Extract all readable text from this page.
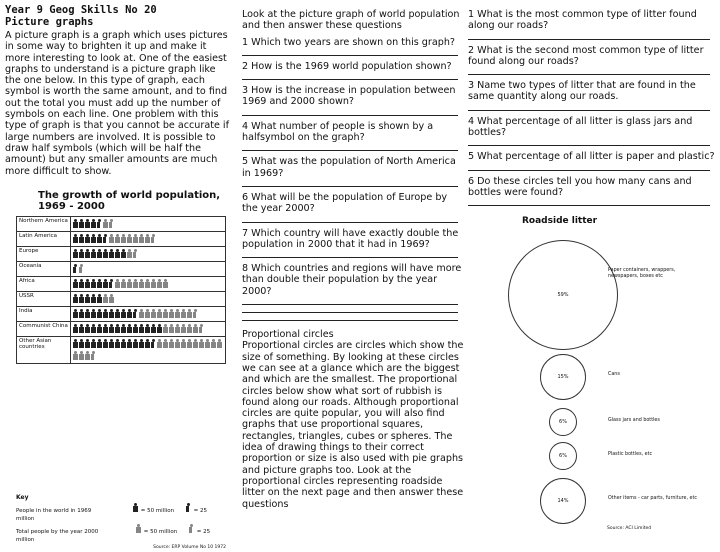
Year 9 Geog Skills No 20
Picture graphs
A picture graph is a graph which uses pictures in some way to brighten it up and make it more interesting to look at. One of the easiest graphs to understand is a picture graph like the one below. In this type of graph, each symbol is worth the same amount, and to find out the total you must add up the number of symbols on each line. One problem with this type of graph is that you cannot be accurate if large numbers are involved. It is possible to draw half symbols (which will be half the amount) but any smaller amounts are much more difficult to show.
The growth of world population,
1969 - 2000
Northern America	
Latin America	
Europe	
Oceania	
Africa	
USSR	
India	
Communist China	
Other Asian countries	
Key
People in the world in 1969	= 50 million	= 25 million
Total people by the year 2000	= 50 million	= 25 million
Source: ERP Volume No 10 1972
Look at the picture graph of world population and then answer these questions
1 Which two years are shown on this graph?
2 How is the 1969 world population shown?
3 How is the increase in population between 1969 and 2000 shown?
4 What number of people is shown by a halfsymbol on the graph?
5 What was the population of North America in 1969?
6 What will be the population of Europe by the year 2000?
7 Which country will have exactly double the population in 2000 that it had in 1969?
8 Which countries and regions will have more than double their population by the year 2000?
Proportional circles
Proportional circles are circles which show the size of something. By looking at these circles we can see at a glance which are the biggest and which are the smallest. The proportional circles below show what sort of rubbish is found along our roads. Although proportional circles are quite popular, you will also find graphs that use proportional squares, rectangles, triangles, cubes or spheres. The idea of drawing things to their correct proportion or size is also used with pie graphs and picture graphs too. Look at the proportional circles representing roadside litter on the next page and then answer these questions
1 What is the most common type of litter found along our roads?
2 What is the second most common type of litter found along our roads?
3 Name two types of litter that are found in the same quantity along our roads.
4 What percentage of all litter is glass jars and bottles?
5 What percentage of all litter is paper and plastic?
6 Do these circles tell you how many cans and bottles were found?
Roadside litter
59%
Paper containers, wrappers, newspapers, boxes etc
15%	Cans
6%	Glass jars and bottles
6%	Plastic bottles, etc
14%	Other items - car parts, furniture, etc
Source: ACI Limited
